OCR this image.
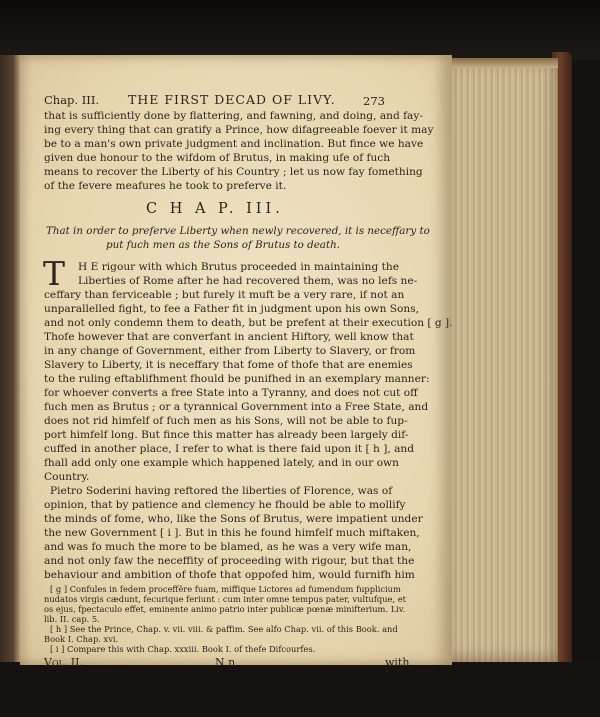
Chap. III. THE FIRST DECAD OF LIVY. 273
that is sufficiently done by flattering, and fawning, and doing, and fay-
ing every thing that can gratify a Prince, how difagreeable foever it may
be to a man's own private judgment and inclination. But fince we have
given due honour to the wifdom of Brutus, in making ufe of fuch
means to recover the Liberty of his Country ; let us now fay fomething
of the fevere meafures he took to preferve it.
C H A P. III.
That in order to preferve Liberty when newly recovered, it is neceffary to
put fuch men as the Sons of Brutus to death.
T H E rigour with which Brutus proceeded in maintaining the
Liberties of Rome after he had recovered them, was no lefs ne-
ceffary than ferviceable ; but furely it muft be a very rare, if not an
unparallelled fight, to fee a Father fit in judgment upon his own Sons,
and not only condemn them to death, but be prefent at their execution [ g ].
Thofe however that are converfant in ancient Hiftory, well know that
in any change of Government, either from Liberty to Slavery, or from
Slavery to Liberty, it is neceffary that fome of thofe that are enemies
to the ruling eftablifhment fhould be punifhed in an exemplary manner:
for whoever converts a free State into a Tyranny, and does not cut off
fuch men as Brutus ; or a tyrannical Government into a Free State, and
does not rid himfelf of fuch men as his Sons, will not be able to fup-
port himfelf long. But fince this matter has already been largely dif-
cuffed in another place, I refer to what is there faid upon it [ h ], and
fhall add only one example which happened lately, and in our own
Country.
Pietro Soderini having reftored the liberties of Florence, was of
opinion, that by patience and clemency he fhould be able to mollify
the minds of fome, who, like the Sons of Brutus, were impatient under
the new Government [ i ]. But in this he found himfelf much miftaken,
and was fo much the more to be blamed, as he was a very wife man,
and not only faw the neceffity of proceeding with rigour, but that the
behaviour and ambition of thofe that oppofed him, would furnifh him
[ g ] Confules in fedem proceffêre fuam, miffique Lictores ad fumendum fupplicium
nudatos virgis cædunt, fecurique feriunt : cum inter omne tempus pater, vultufque, et
os ejus, fpectaculo effet, eminente animo patrio inter publicæ pœnæ minifterium. Liv.
lib. II. cap. 5.
[ h ] See the Prince, Chap. v. vii. viii. & paffim. See alfo Chap. vii. of this Book. and
Book I. Chap. xvi.
[ i ] Compare this with Chap. xxxiii. Book I. of thefe Difcourfes.
Vol. II.	N n	with
